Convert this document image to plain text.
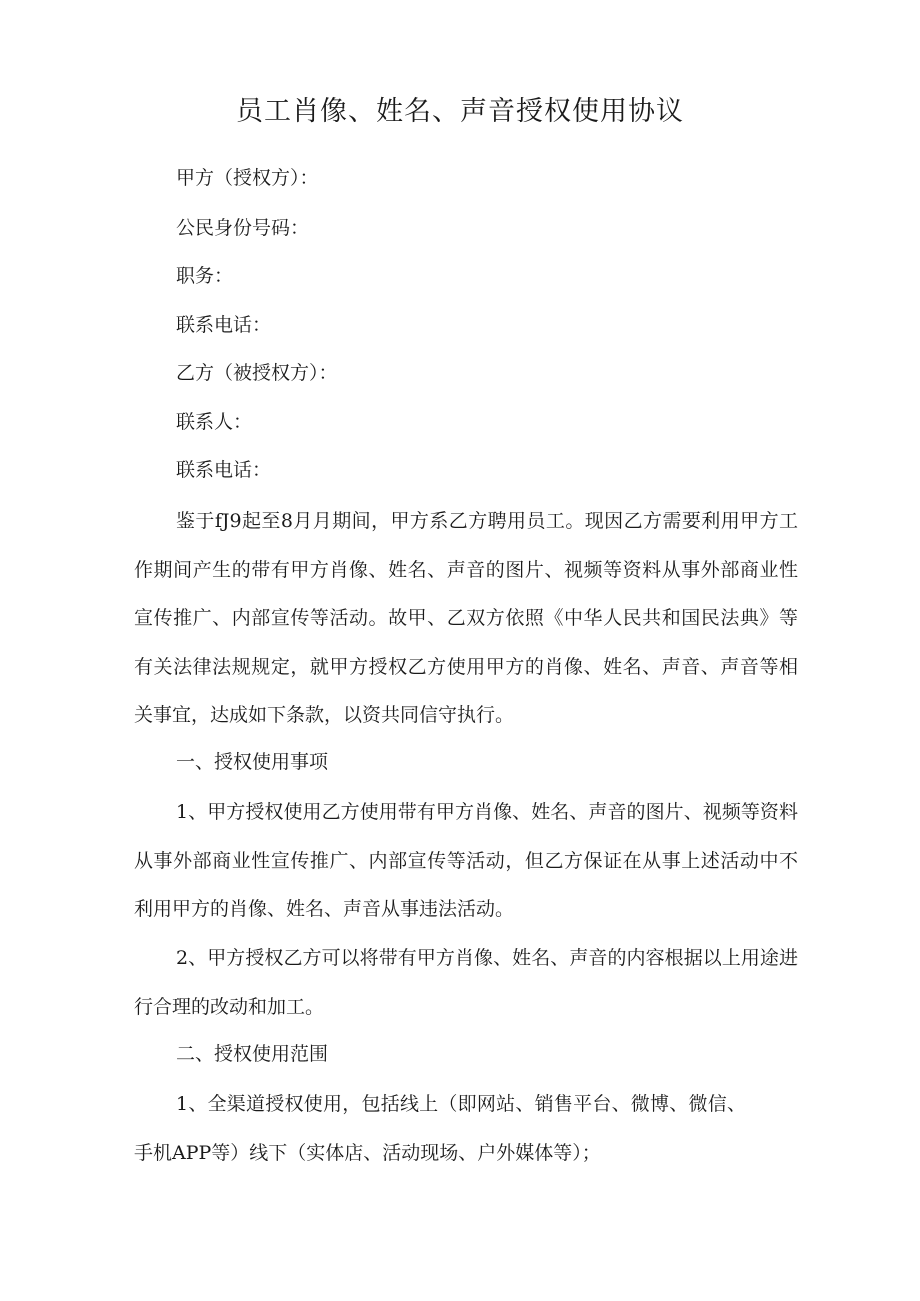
员工肖像、姓名、声音授权使用协议
甲方（授权方）：
公民身份号码：
职务：
联系电话：
乙方（被授权方）：
联系人：
联系电话：

鉴于fJ9起至8月月期间，甲方系乙方聘用员工。现因乙方需要利用甲方工作期间产生的带有甲方肖像、姓名、声音的图片、视频等资料从事外部商业性宣传推广、内部宣传等活动。故甲、乙双方依照《中华人民共和国民法典》等有关法律法规规定，就甲方授权乙方使用甲方的肖像、姓名、声音、声音等相关事宜，达成如下条款，以资共同信守执行。

一、授权使用事项

1、甲方授权使用乙方使用带有甲方肖像、姓名、声音的图片、视频等资料从事外部商业性宣传推广、内部宣传等活动，但乙方保证在从事上述活动中不利用甲方的肖像、姓名、声音从事违法活动。

2、甲方授权乙方可以将带有甲方肖像、姓名、声音的内容根据以上用途进行合理的改动和加工。

二、授权使用范围

1、全渠道授权使用，包括线上（即网站、销售平台、微博、微信、手机APP等）线下（实体店、活动现场、户外媒体等）；
